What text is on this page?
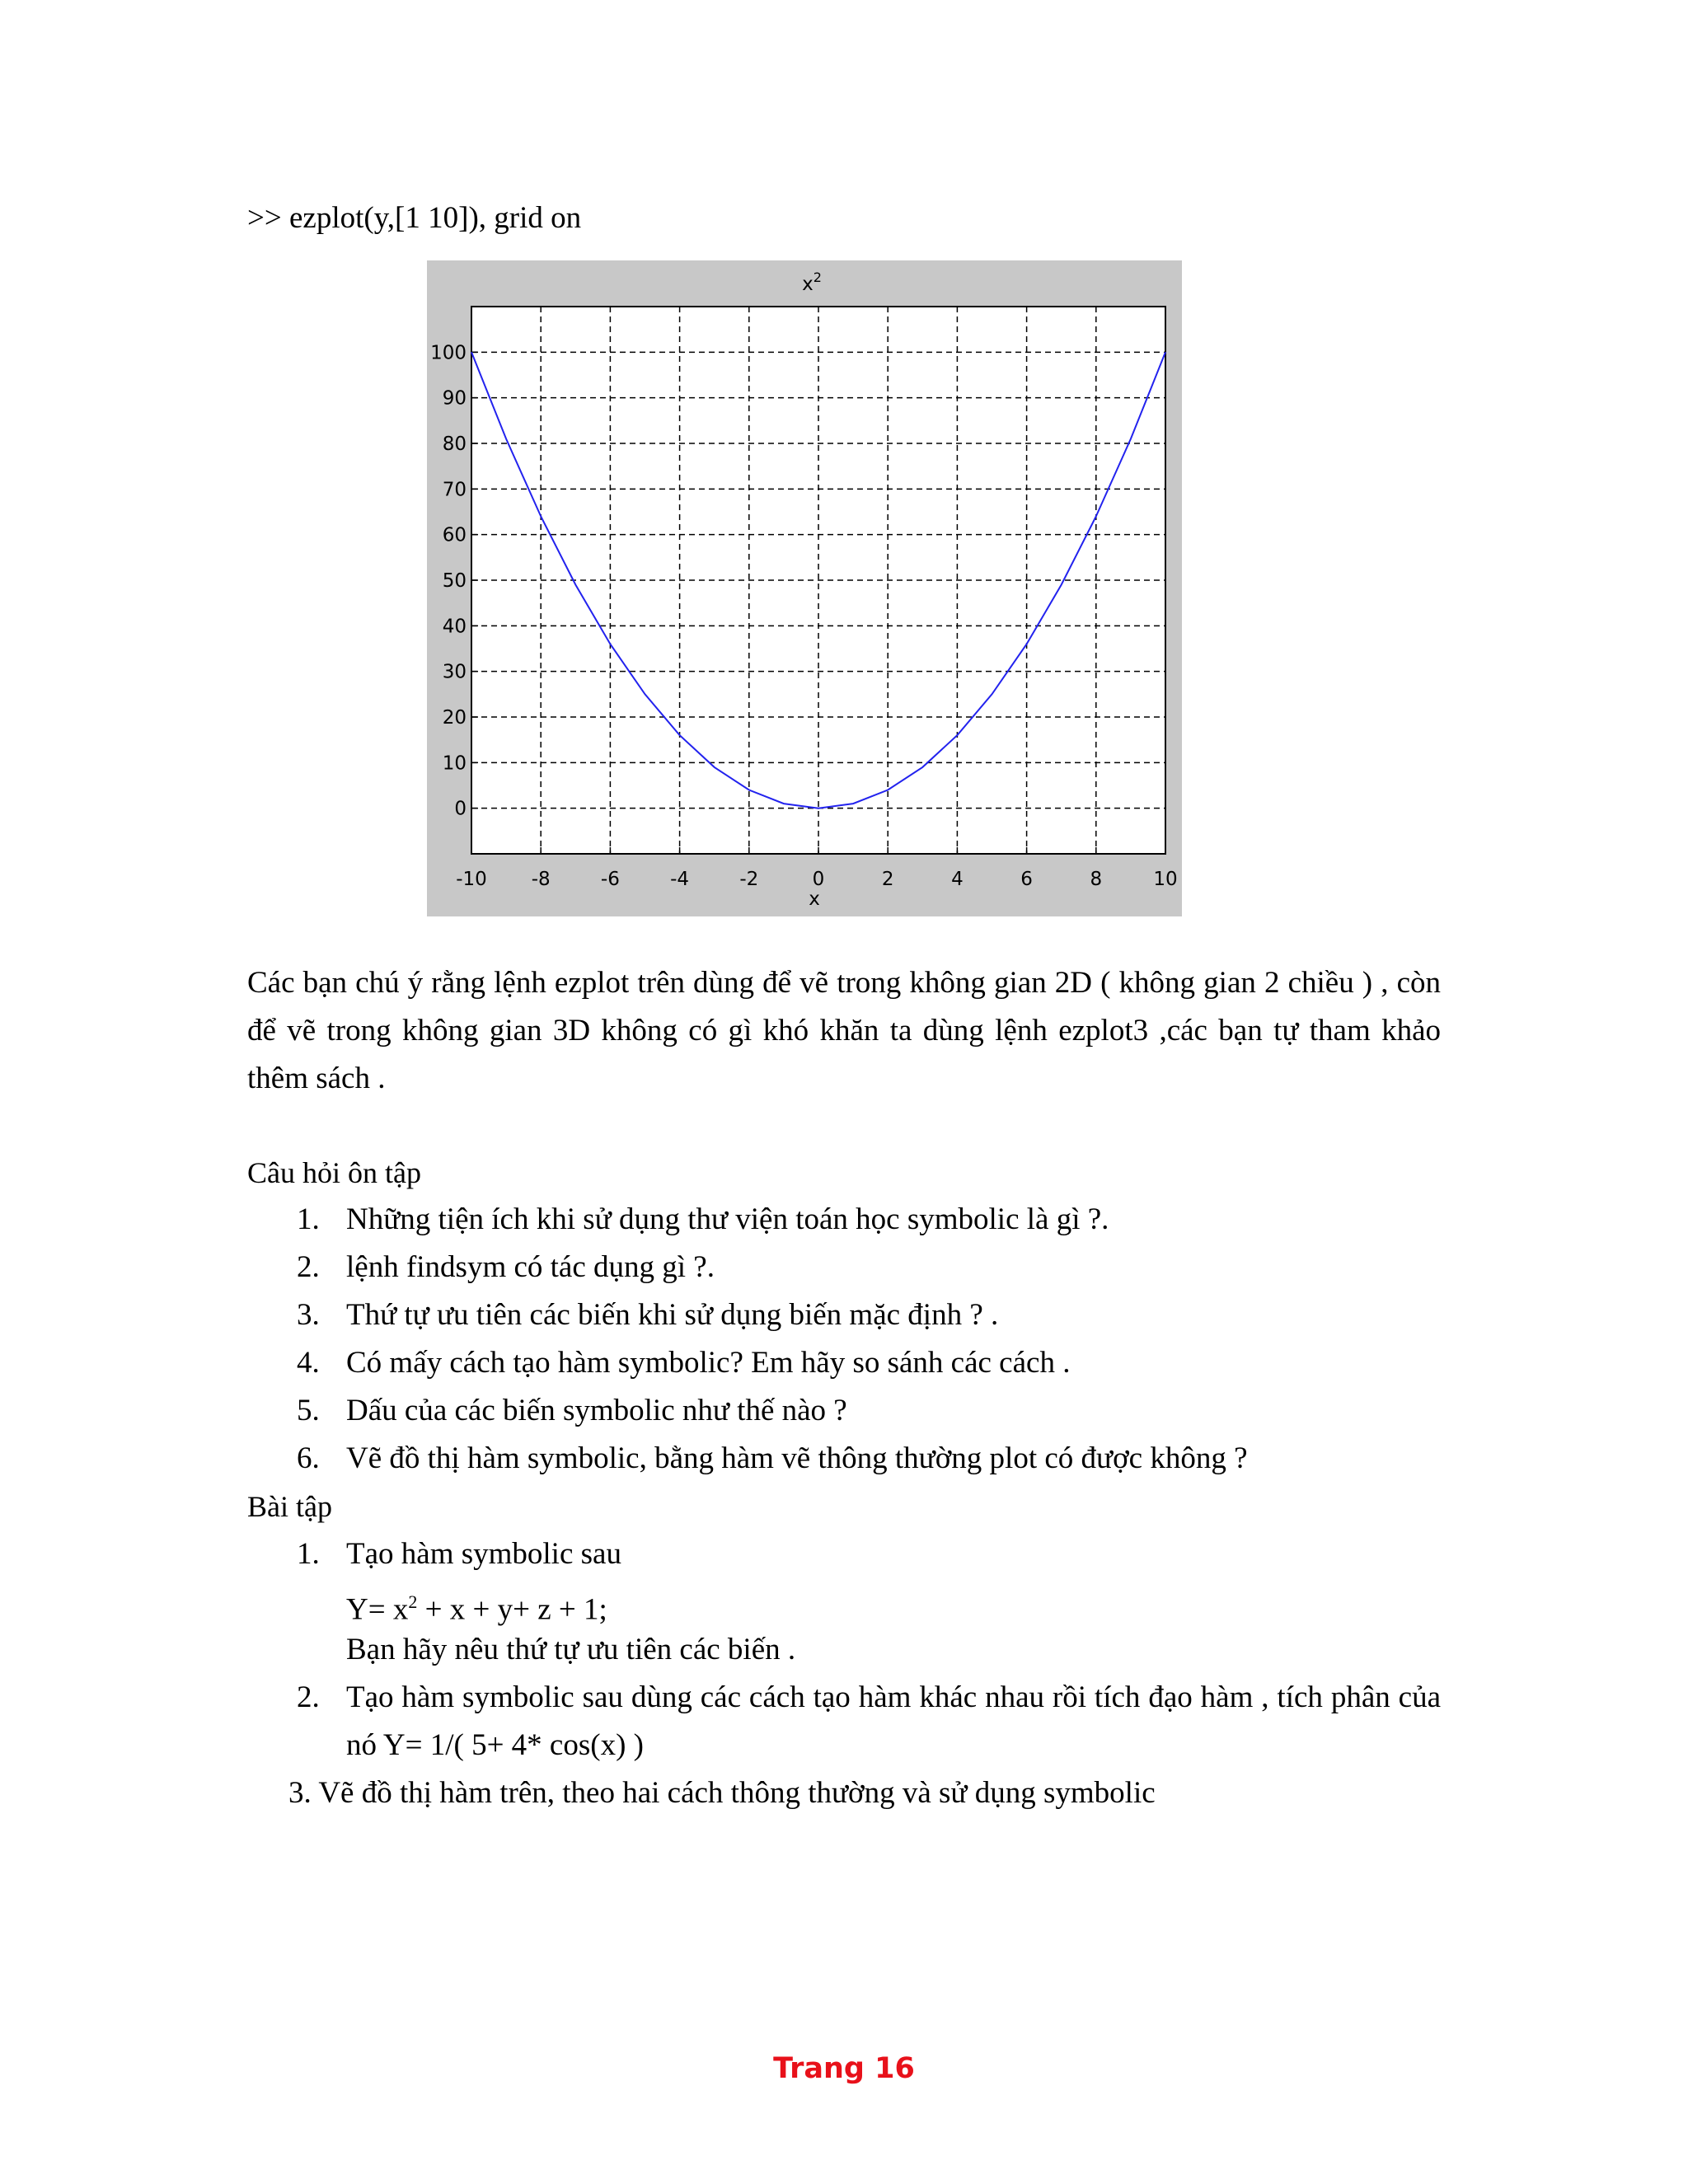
>> ezplot(y,[1 10]), grid on
-10 -8	-6	-4	-2	0	2	4	6	8	10
0
10
20
30
40
50
60
70
80
90
100
$x^2$
x
Các bạn chú ý rằng lệnh ezplot trên dùng để vẽ trong không gian 2D ( không gian 2 chiều ) , còn để vẽ trong không gian 3D không có gì khó khăn ta dùng lệnh ezplot3 ,các bạn tự tham khảo thêm sách .
Câu hỏi ôn tập
1. Những tiện ích khi sử dụng thư viện toán học symbolic là gì ?.
2. lệnh findsym có tác dụng gì ?.
3. Thứ tự ưu tiên các biến khi sử dụng biến mặc định ? .
4. Có mấy cách tạo hàm symbolic? Em hãy so sánh các cách .
5. Dấu của các biến symbolic như thế nào ?
6. Vẽ đồ thị hàm symbolic, bằng hàm vẽ thông thường plot có được không ?
Bài tập
1. Tạo hàm symbolic sau
$Y= x^2 + x + y+ z + 1$;
Bạn hãy nêu thứ tự ưu tiên các biến .
2. Tạo hàm symbolic sau dùng các cách tạo hàm khác nhau rồi tích đạo hàm , tích phân của nó Y= 1/( 5+ 4* cos(x) )
3. Vẽ đồ thị hàm trên, theo hai cách thông thường và sử dụng symbolic
Trang 16
